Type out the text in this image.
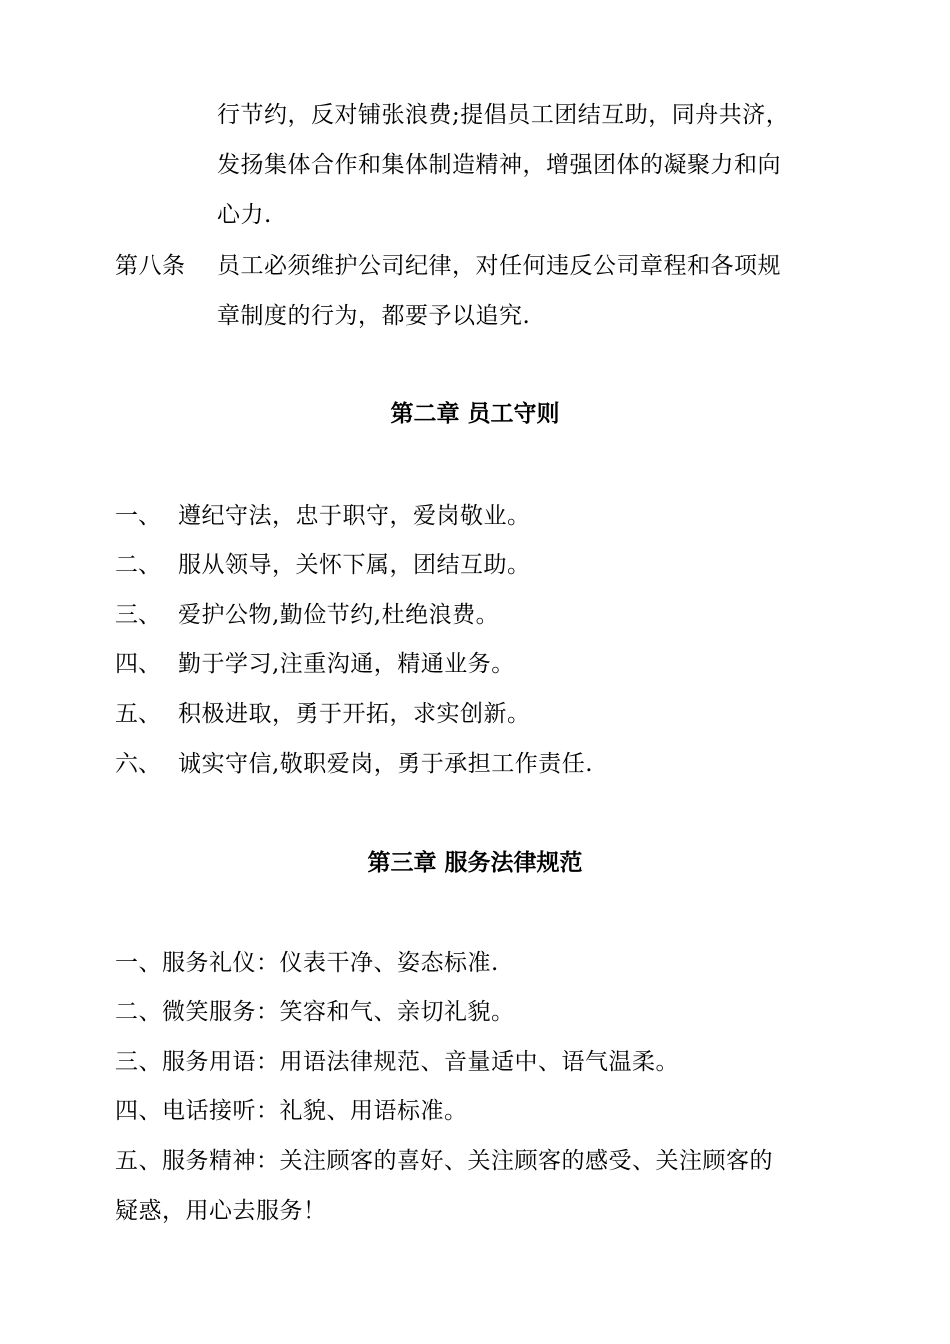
行节约，反对铺张浪费;提倡员工团结互助，同舟共济，
发扬集体合作和集体制造精神，增强团体的凝聚力和向
心力.
第八条 员工必须维护公司纪律，对任何违反公司章程和各项规
章制度的行为，都要予以追究.
第二章 员工守则
一、 遵纪守法，忠于职守，爱岗敬业。
二、 服从领导，关怀下属，团结互助。
三、 爱护公物,勤俭节约,杜绝浪费。
四、 勤于学习,注重沟通，精通业务。
五、 积极进取，勇于开拓，求实创新。
六、 诚实守信,敬职爱岗，勇于承担工作责任.
第三章 服务法律规范
一、服务礼仪：仪表干净、姿态标准.
二、微笑服务：笑容和气、亲切礼貌。
三、服务用语：用语法律规范、音量适中、语气温柔。
四、电话接听：礼貌、用语标准。
五、服务精神：关注顾客的喜好、关注顾客的感受、关注顾客的
疑惑，用心去服务！
